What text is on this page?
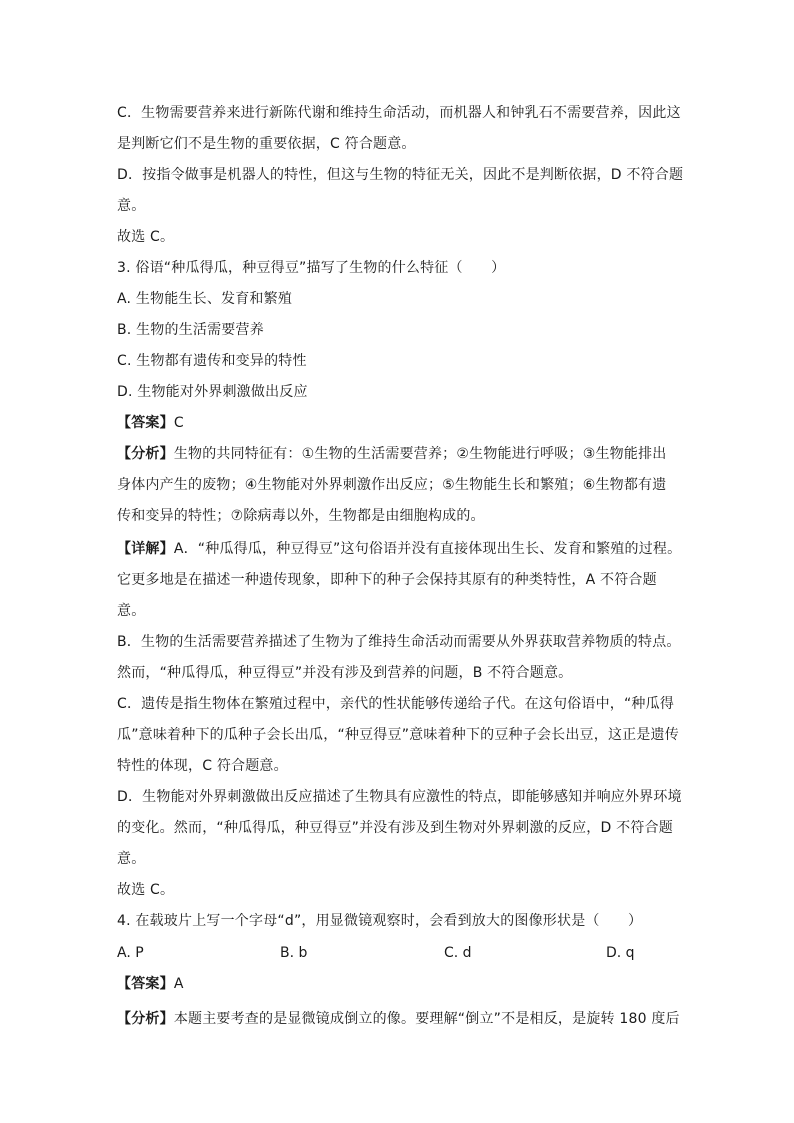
C．生物需要营养来进行新陈代谢和维持生命活动，而机器人和钟乳石不需要营养，因此这
是判断它们不是生物的重要依据，C 符合题意。
D．按指令做事是机器人的特性，但这与生物的特征无关，因此不是判断依据，D 不符合题
意。
故选 C。
3. 俗语“种瓜得瓜，种豆得豆”描写了生物的什么特征（　　）
A. 生物能生长、发育和繁殖
B. 生物的生活需要营养
C. 生物都有遗传和变异的特性
D. 生物能对外界刺激做出反应
【答案】C
【分析】生物的共同特征有：①生物的生活需要营养；②生物能进行呼吸；③生物能排出
身体内产生的废物；④生物能对外界刺激作出反应；⑤生物能生长和繁殖；⑥生物都有遗
传和变异的特性；⑦除病毒以外，生物都是由细胞构成的。
【详解】A．“种瓜得瓜，种豆得豆”这句俗语并没有直接体现出生长、发育和繁殖的过程。
它更多地是在描述一种遗传现象，即种下的种子会保持其原有的种类特性，A 不符合题
意。
B．生物的生活需要营养描述了生物为了维持生命活动而需要从外界获取营养物质的特点。
然而，“种瓜得瓜，种豆得豆”并没有涉及到营养的问题，B 不符合题意。
C．遗传是指生物体在繁殖过程中，亲代的性状能够传递给子代。在这句俗语中，“种瓜得
瓜”意味着种下的瓜种子会长出瓜，“种豆得豆”意味着种下的豆种子会长出豆，这正是遗传
特性的体现，C 符合题意。
D．生物能对外界刺激做出反应描述了生物具有应激性的特点，即能够感知并响应外界环境
的变化。然而，“种瓜得瓜，种豆得豆”并没有涉及到生物对外界刺激的反应，D 不符合题
意。
故选 C。
4. 在载玻片上写一个字母“d”，用显微镜观察时，会看到放大的图像形状是（　　）
A. P	B. b	C. d	D. q
【答案】A
【分析】本题主要考查的是显微镜成倒立的像。要理解“倒立”不是相反，是旋转 180 度后
